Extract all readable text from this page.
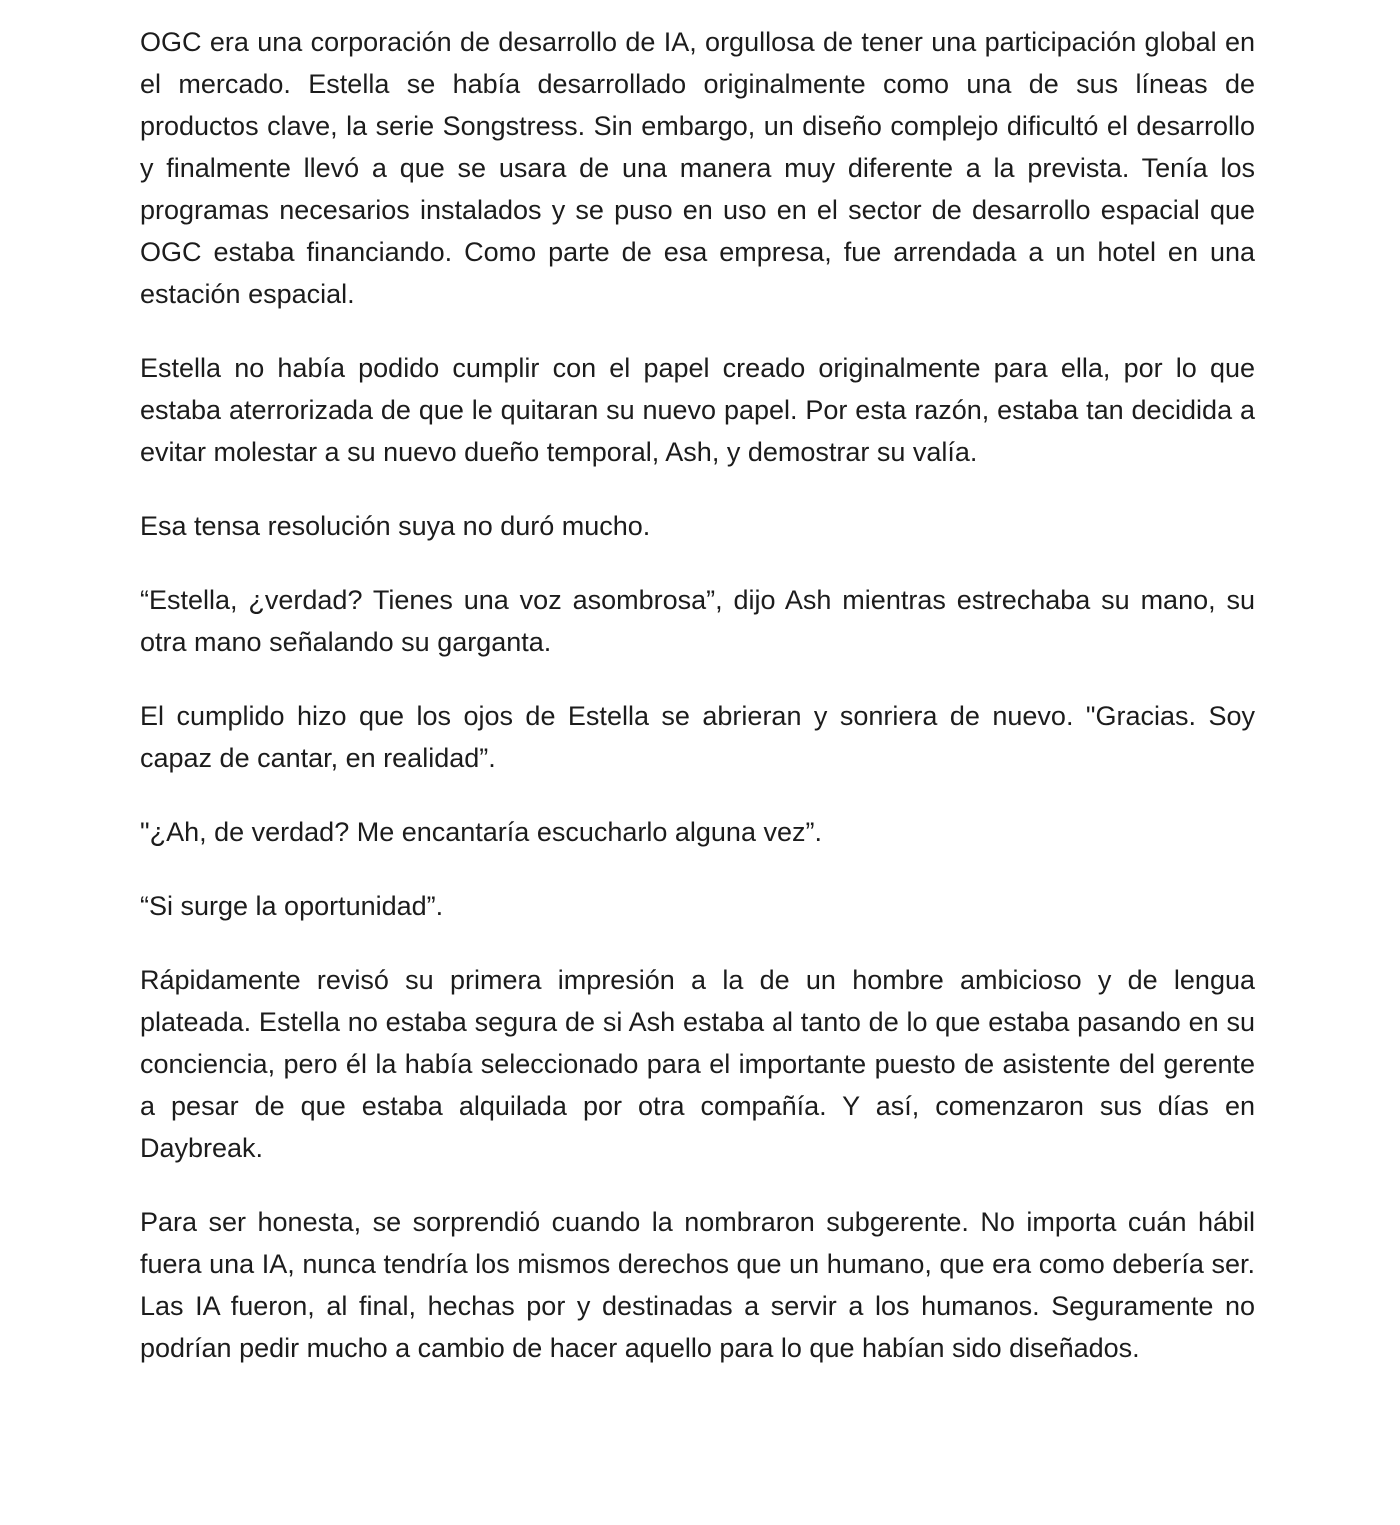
OGC era una corporación de desarrollo de IA, orgullosa de tener una participación global en el mercado. Estella se había desarrollado originalmente como una de sus líneas de productos clave, la serie Songstress. Sin embargo, un diseño complejo dificultó el desarrollo y finalmente llevó a que se usara de una manera muy diferente a la prevista. Tenía los programas necesarios instalados y se puso en uso en el sector de desarrollo espacial que OGC estaba financiando. Como parte de esa empresa, fue arrendada a un hotel en una estación espacial.

Estella no había podido cumplir con el papel creado originalmente para ella, por lo que estaba aterrorizada de que le quitaran su nuevo papel. Por esta razón, estaba tan decidida a evitar molestar a su nuevo dueño temporal, Ash, y demostrar su valía.

Esa tensa resolución suya no duró mucho.

“Estella, ¿verdad? Tienes una voz asombrosa”, dijo Ash mientras estrechaba su mano, su otra mano señalando su garganta.

El cumplido hizo que los ojos de Estella se abrieran y sonriera de nuevo. "Gracias. Soy capaz de cantar, en realidad”.

"¿Ah, de verdad? Me encantaría escucharlo alguna vez”.

“Si surge la oportunidad”.

Rápidamente revisó su primera impresión a la de un hombre ambicioso y de lengua plateada. Estella no estaba segura de si Ash estaba al tanto de lo que estaba pasando en su conciencia, pero él la había seleccionado para el importante puesto de asistente del gerente a pesar de que estaba alquilada por otra compañía. Y así, comenzaron sus días en Daybreak.

Para ser honesta, se sorprendió cuando la nombraron subgerente. No importa cuán hábil fuera una IA, nunca tendría los mismos derechos que un humano, que era como debería ser. Las IA fueron, al final, hechas por y destinadas a servir a los humanos. Seguramente no podrían pedir mucho a cambio de hacer aquello para lo que habían sido diseñados.
